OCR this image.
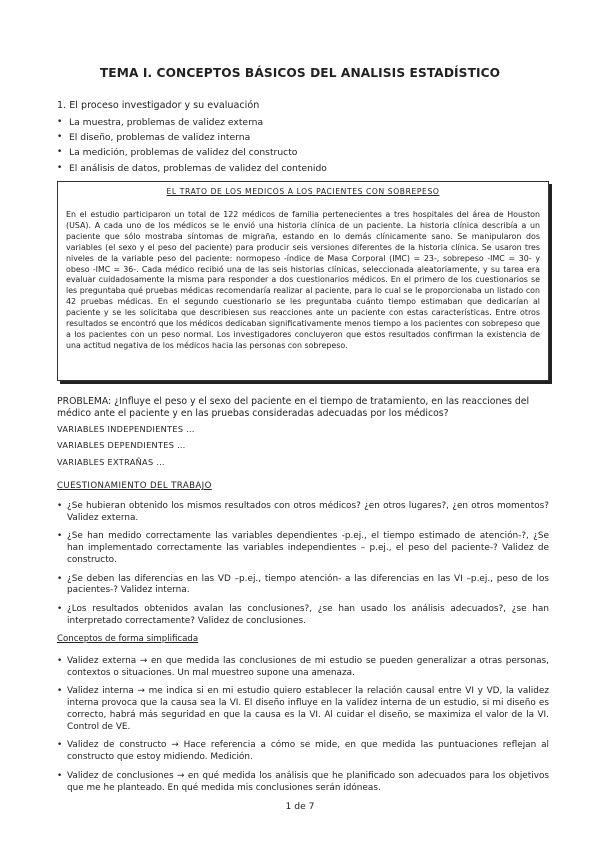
TEMA I. CONCEPTOS BÁSICOS DEL ANALISIS ESTADÍSTICO
1. El proceso investigador y su evaluación
• La muestra, problemas de validez externa
• El diseño, problemas de validez interna
• La medición, problemas de validez del constructo
• El análisis de datos, problemas de validez del contenido
EL TRATO DE LOS MEDICOS A LOS PACIENTES CON SOBREPESO

En el estudio participaron un total de 122 médicos de familia pertenecientes a tres hospitales del área de Houston (USA). A cada uno de los médicos se le envió una historia clínica de un paciente. La historia clínica describía a un paciente que sólo mostraba síntomas de migraña, estando en lo demás clínicamente sano. Se manipularon dos variables (el sexo y el peso del paciente) para producir seis versiones diferentes de la historia clínica. Se usaron tres niveles de la variable peso del paciente: normopeso -índice de Masa Corporal (IMC) = 23-, sobrepeso -IMC = 30- y obeso -IMC = 36-. Cada médico recibió una de las seis historias clínicas, seleccionada aleatoriamente, y su tarea era evaluar cuidadosamente la misma para responder a dos cuestionarios médicos. En el primero de los cuestionarios se les preguntaba qué pruebas médicas recomendaría realizar al paciente, para lo cual se le proporcionaba un listado con 42 pruebas médicas. En el segundo cuestionario se les preguntaba cuánto tiempo estimaban que dedicarían al paciente y se les solicitaba que describiesen sus reacciones ante un paciente con estas características. Entre otros resultados se encontró que los médicos dedicaban significativamente menos tiempo a los pacientes con sobrepeso que a los pacientes con un peso normal. Los investigadores concluyeron que estos resultados confirman la existencia de una actitud negativa de los médicos hacia las personas con sobrepeso.

PROBLEMA: ¿Influye el peso y el sexo del paciente en el tiempo de tratamiento, en las reacciones del médico ante el paciente y en las pruebas consideradas adecuadas por los médicos?
VARIABLES INDEPENDIENTES …
VARIABLES DEPENDIENTES …
VARIABLES EXTRAÑAS …
CUESTIONAMIENTO DEL TRABAJO
• ¿Se hubieran obtenido los mismos resultados con otros médicos? ¿en otros lugares?, ¿en otros momentos? Validez externa.
• ¿Se han medido correctamente las variables dependientes -p.ej., el tiempo estimado de atención-?, ¿Se han implementado correctamente las variables independientes – p.ej., el peso del paciente-? Validez de constructo.
• ¿Se deben las diferencias en las VD –p.ej., tiempo atención- a las diferencias en las VI –p.ej., peso de los pacientes-? Validez interna.
• ¿Los resultados obtenidos avalan las conclusiones?, ¿se han usado los análisis adecuados?, ¿se han interpretado correctamente? Validez de conclusiones.
Conceptos de forma simplificada
• Validez externa → en que medida las conclusiones de mi estudio se pueden generalizar a otras personas, contextos o situaciones. Un mal muestreo supone una amenaza.
• Validez interna → me indica si en mi estudio quiero establecer la relación causal entre VI y VD, la validez interna provoca que la causa sea la VI. El diseño influye en la validez interna de un estudio, si mi diseño es correcto, habrá más seguridad en que la causa es la VI. Al cuidar el diseño, se maximiza el valor de la VI. Control de VE.
• Validez de constructo → Hace referencia a cómo se mide, en que medida las puntuaciones reflejan al constructo que estoy midiendo. Medición.
• Validez de conclusiones → en qué medida los análisis que he planificado son adecuados para los objetivos que me he planteado. En qué medida mis conclusiones serán idóneas.
1 de 7
